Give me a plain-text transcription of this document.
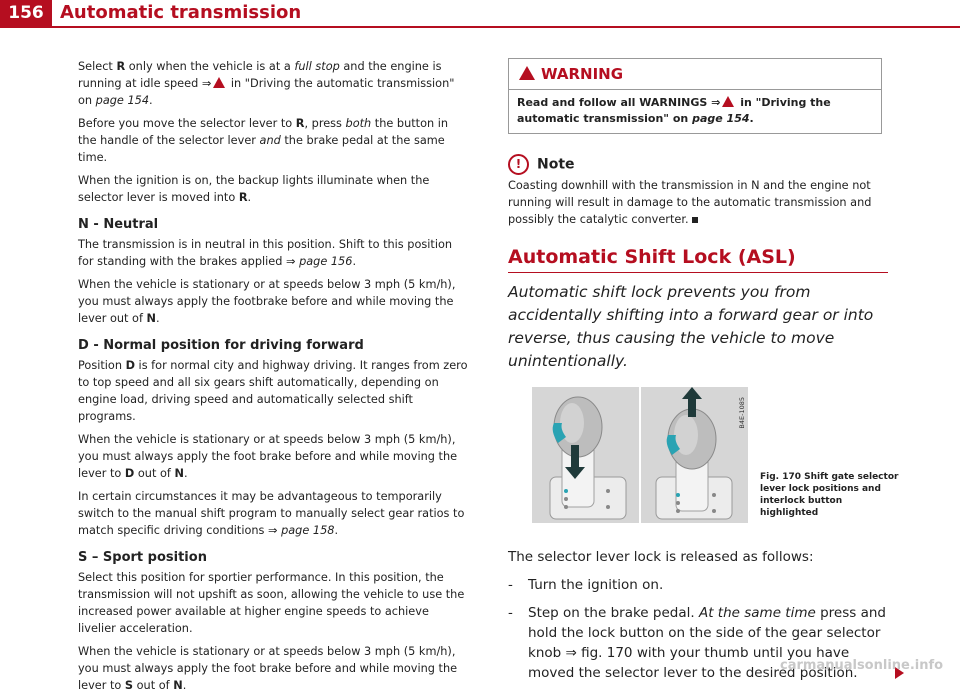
156 Automatic transmission

Select R only when the vehicle is at a full stop and the engine is running at idle speed ⇒ in "Driving the automatic transmission" on page 154.

Before you move the selector lever to R, press both the button in the handle of the selector lever and the brake pedal at the same time.

When the ignition is on, the backup lights illuminate when the selector lever is moved into R.

N - Neutral

The transmission is in neutral in this position. Shift to this position for standing with the brakes applied ⇒ page 156.

When the vehicle is stationary or at speeds below 3 mph (5 km/h), you must always apply the footbrake before and while moving the lever out of N.

D - Normal position for driving forward

Position D is for normal city and highway driving. It ranges from zero to top speed and all six gears shift automatically, depending on engine load, driving speed and automatically selected shift programs.

When the vehicle is stationary or at speeds below 3 mph (5 km/h), you must always apply the foot brake before and while moving the lever to D out of N.

In certain circumstances it may be advantageous to temporarily switch to the manual shift program to manually select gear ratios to match specific driving conditions ⇒ page 158.

S – Sport position

Select this position for sportier performance. In this position, the transmission will not upshift as soon, allowing the vehicle to use the increased power available at higher engine speeds to achieve livelier acceleration.

When the vehicle is stationary or at speeds below 3 mph (5 km/h), you must always apply the foot brake before and while moving the lever to S out of N.

WARNING
Read and follow all WARNINGS ⇒ in "Driving the automatic transmission" on page 154.
! Note

Coasting downhill with the transmission in N and the engine not running will result in damage to the automatic transmission and possibly the catalytic converter.

Automatic Shift Lock (ASL)
Automatic shift lock prevents you from accidentally shifting into a forward gear or into reverse, thus causing the vehicle to move unintentionally.
B4E-1085
Fig. 170 Shift gate selector lever lock positions and interlock button highlighted
The selector lever lock is released as follows:
- Turn the ignition on.
- Step on the brake pedal. At the same time press and hold the lock button on the side of the gear selector knob ⇒ fig. 170 with your thumb until you have moved the selector lever to the desired position.
carmanualsonline.info
